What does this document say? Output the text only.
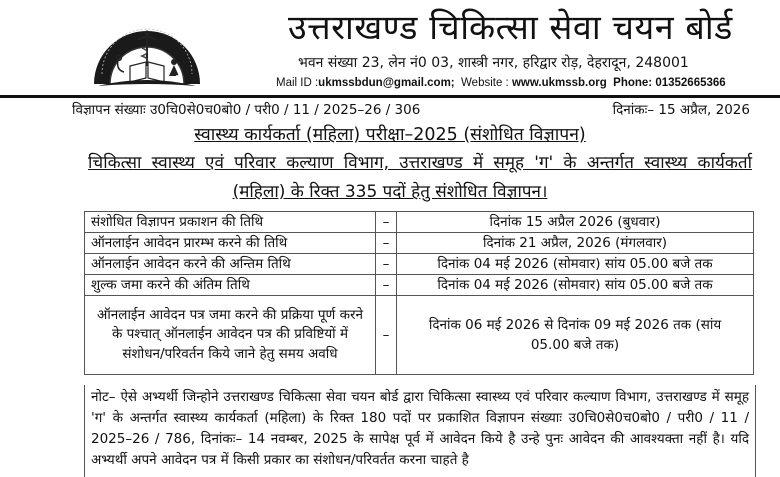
उत्तराखण्ड चिकित्सा सेवा चयन बोर्ड
भवन संख्या 23, लेन नं0 03, शास्त्री नगर, हरिद्वार रोड़, देहरादून, 248001
Mail ID :ukmssbdun@gmail.com; Website : www.ukmssb.org Phone: 01352665366
विज्ञापन संख्याः उ0चि0से0च0बो0 / परी0 / 11 / 2025–26 / 306	दिनांकः– 15 अप्रैल, 2026
स्वास्थ्य कार्यकर्ता (महिला) परीक्षा–2025 (संशोधित विज्ञापन)
चिकित्सा स्वास्थ्य एवं परिवार कल्याण विभाग, उत्तराखण्ड में समूह 'ग' के अन्तर्गत स्वास्थ्य कार्यकर्ता
(महिला) के रिक्त 335 पदों हेतु संशोधित विज्ञापन।
संशोधित विज्ञापन प्रकाशन की तिथि	–	दिनांक 15 अप्रैल 2026 (बुधवार)
ऑनलाईन आवेदन प्रारम्भ करने की तिथि	–	दिनांक 21 अप्रैल, 2026 (मंगलवार)
ऑनलाईन आवेदन करने की अन्तिम तिथि	–	दिनांक 04 मई 2026 (सोमवार) सांय 05.00 बजे तक
शुल्क जमा करने की अंतिम तिथि	–	दिनांक 04 मई 2026 (सोमवार) सांय 05.00 बजे तक
ऑनलाईन आवेदन पत्र जमा करने की प्रक्रिया पूर्ण करने के पश्चात् ऑनलाईन आवेदन पत्र की प्रविष्टियों में संशोधन/परिवर्तन किये जाने हेतु समय अवधि	–	दिनांक 06 मई 2026 से दिनांक 09 मई 2026 तक (सांय 05.00 बजे तक)
नोट– ऐसे अभ्यर्थी जिन्होने उत्तराखण्ड चिकित्सा सेवा चयन बोर्ड द्वारा चिकित्सा स्वास्थ्य एवं परिवार कल्याण विभाग, उत्तराखण्ड में समूह 'ग' के अन्तर्गत स्वास्थ्य कार्यकर्ता (महिला) के रिक्त 180 पदों पर प्रकाशित विज्ञापन संख्याः उ0चि0से0च0बो0 / परी0 / 11 / 2025–26 / 786, दिनांकः– 14 नवम्बर, 2025 के सापेक्ष पूर्व में आवेदन किये है उन्हे पुनः आवेदन की आवश्यक्ता नहीं है। यदि अभ्यर्थी अपने आवेदन पत्र में किसी प्रकार का संशोधन/परिवर्तत करना चाहते है
